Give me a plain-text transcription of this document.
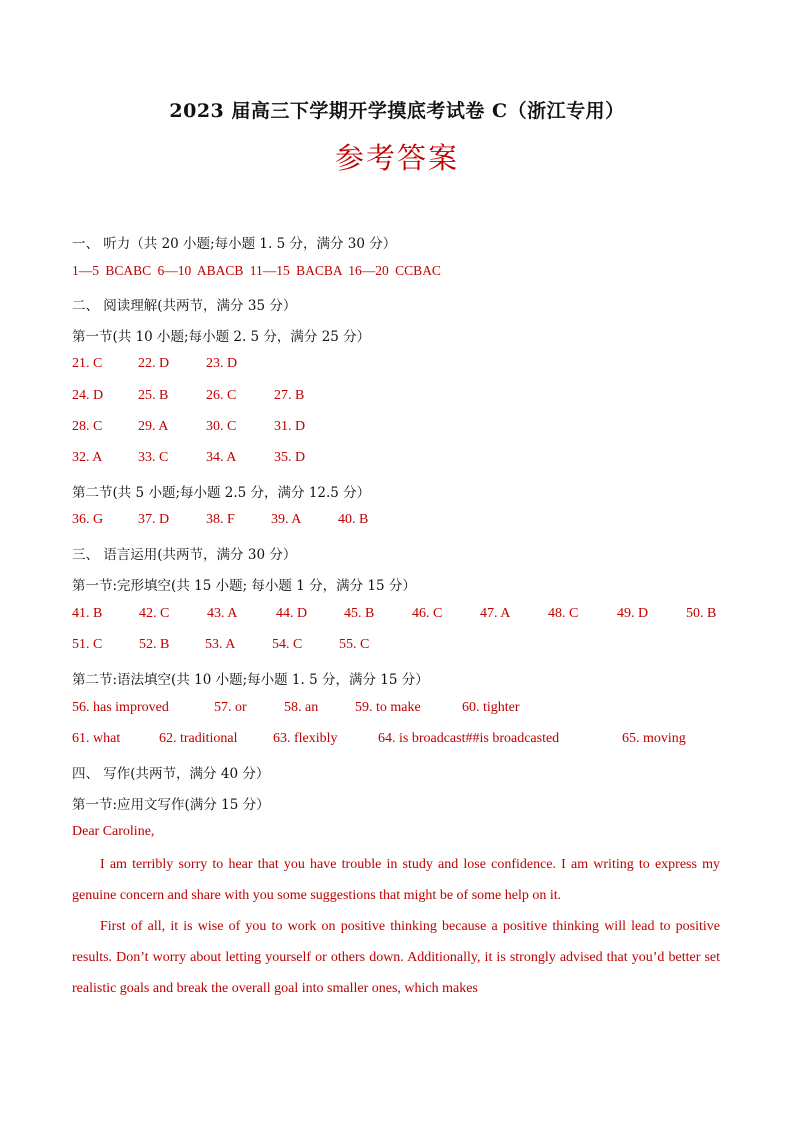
2023 届高三下学期开学摸底考试卷 C（浙江专用）
参考答案
一、 听力（共 20 小题;每小题 1. 5 分，满分 30 分）
1—5 BCABC 6—10 ABACB 11—15 BACBA 16—20 CCBAC
二、 阅读理解(共两节，满分 35 分）
第一节(共 10 小题;每小题 2. 5 分，满分 25 分）
21. C	22. D	23. D
24. D 25. B	26. C	27. B
28. C	29. A	30. C	31. D
32. A	33. C	34. A	35. D
第二节(共 5 小题;每小题 2.5 分，满分 12.5 分）
36. G 37. D	38. F	39. A	40. B
三、 语言运用(共两节，满分 30 分）
第一节:完形填空(共 15 小题; 每小题 1 分，满分 15 分）
41. B	42. C	43. A	44. D	45. B	46. C	47. A	48. C	49. D	50. B
51. C	52. B	53. A	54. C	55. C
第二节:语法填空(共 10 小题;每小题 1. 5 分，满分 15 分）
56. has improved	57. or	58. an	59. to make	60. tighter
61. what	62. traditional	63. flexibly	64. is broadcast##is broadcasted	65. moving
四、 写作(共两节，满分 40 分）
第一节:应用文写作(满分 15 分）
Dear Caroline,
I am terribly sorry to hear that you have trouble in study and lose confidence. I am writing to express my genuine concern and share with you some suggestions that might be of some help on it.
First of all, it is wise of you to work on positive thinking because a positive thinking will lead to positive results. Don’t worry about letting yourself or others down. Additionally, it is strongly advised that you’d better set realistic goals and break the overall goal into smaller ones, which makes
